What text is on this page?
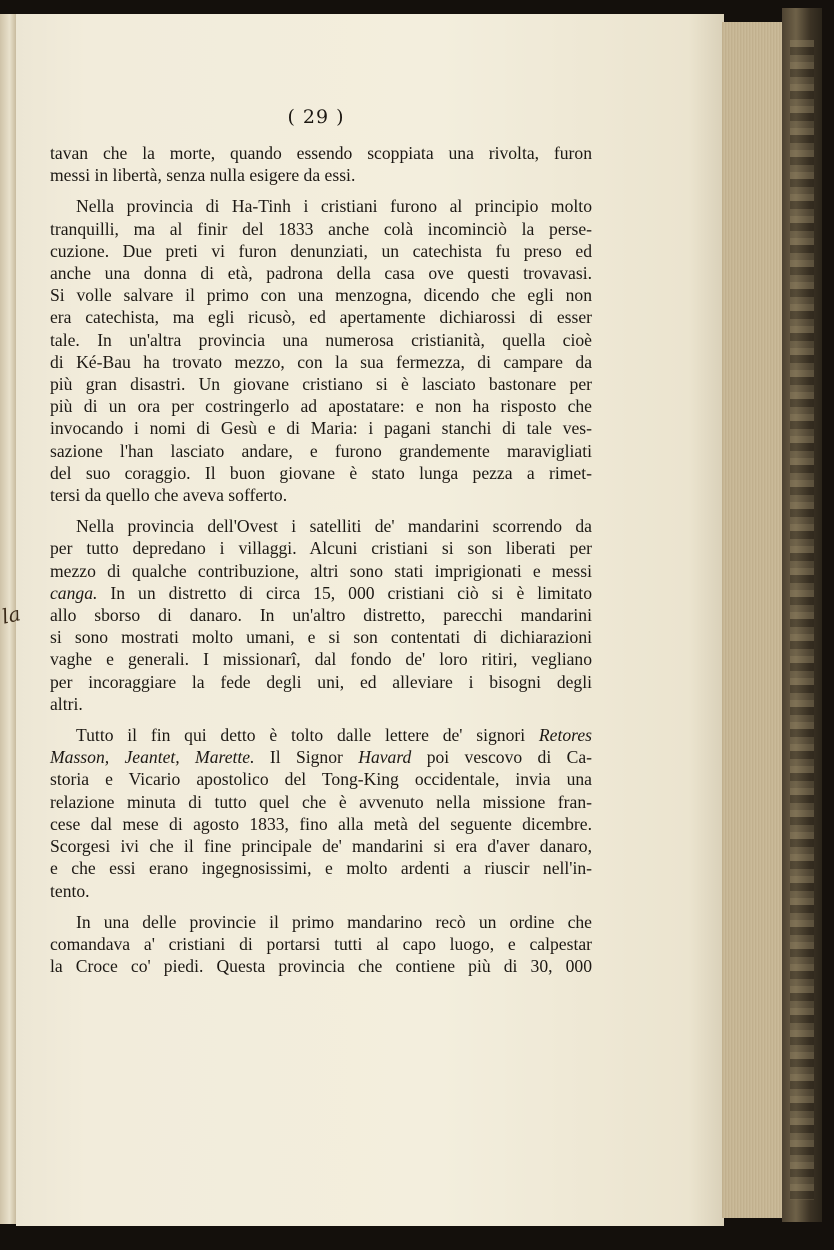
( 29 )
tavan che la morte, quando essendo scoppiata una rivolta, furon
messi in libertà, senza nulla esigere da essi.
Nella provincia di Ha-Tinh i cristiani furono al principio molto
tranquilli, ma al finir del 1833 anche colà incominciò la perse-
cuzione. Due preti vi furon denunziati, un catechista fu preso ed
anche una donna di età, padrona della casa ove questi trovavasi.
Si volle salvare il primo con una menzogna, dicendo che egli non
era catechista, ma egli ricusò, ed apertamente dichiarossi di esser
tale. In un'altra provincia una numerosa cristianità, quella cioè
di Ké-Bau ha trovato mezzo, con la sua fermezza, di campare da
più gran disastri. Un giovane cristiano si è lasciato bastonare per
più di un ora per costringerlo ad apostatare: e non ha risposto che
invocando i nomi di Gesù e di Maria: i pagani stanchi di tale ves-
sazione l'han lasciato andare, e furono grandemente maravigliati
del suo coraggio. Il buon giovane è stato lunga pezza a rimet-
tersi da quello che aveva sofferto.
Nella provincia dell'Ovest i satelliti de' mandarini scorrendo da
per tutto depredano i villaggi. Alcuni cristiani si son liberati per
mezzo di qualche contribuzione, altri sono stati imprigionati e messi
canga. In un distretto di circa 15, 000 cristiani ciò si è limitato
allo sborso di danaro. In un'altro distretto, parecchi mandarini
si sono mostrati molto umani, e si son contentati di dichiarazioni
vaghe e generali. I missionarî, dal fondo de' loro ritiri, vegliano
per incoraggiare la fede degli uni, ed alleviare i bisogni degli
altri.
Tutto il fin qui detto è tolto dalle lettere de' signori Retores
Masson, Jeantet, Marette. Il Signor Havard poi vescovo di Ca-
storia e Vicario apostolico del Tong-King occidentale, invia una
relazione minuta di tutto quel che è avvenuto nella missione fran-
cese dal mese di agosto 1833, fino alla metà del seguente dicembre.
Scorgesi ivi che il fine principale de' mandarini si era d'aver danaro,
e che essi erano ingegnosissimi, e molto ardenti a riuscir nell'in-
tento.
In una delle provincie il primo mandarino recò un ordine che
comandava a' cristiani di portarsi tutti al capo luogo, e calpestar
la Croce co' piedi. Questa provincia che contiene più di 30, 000
la
